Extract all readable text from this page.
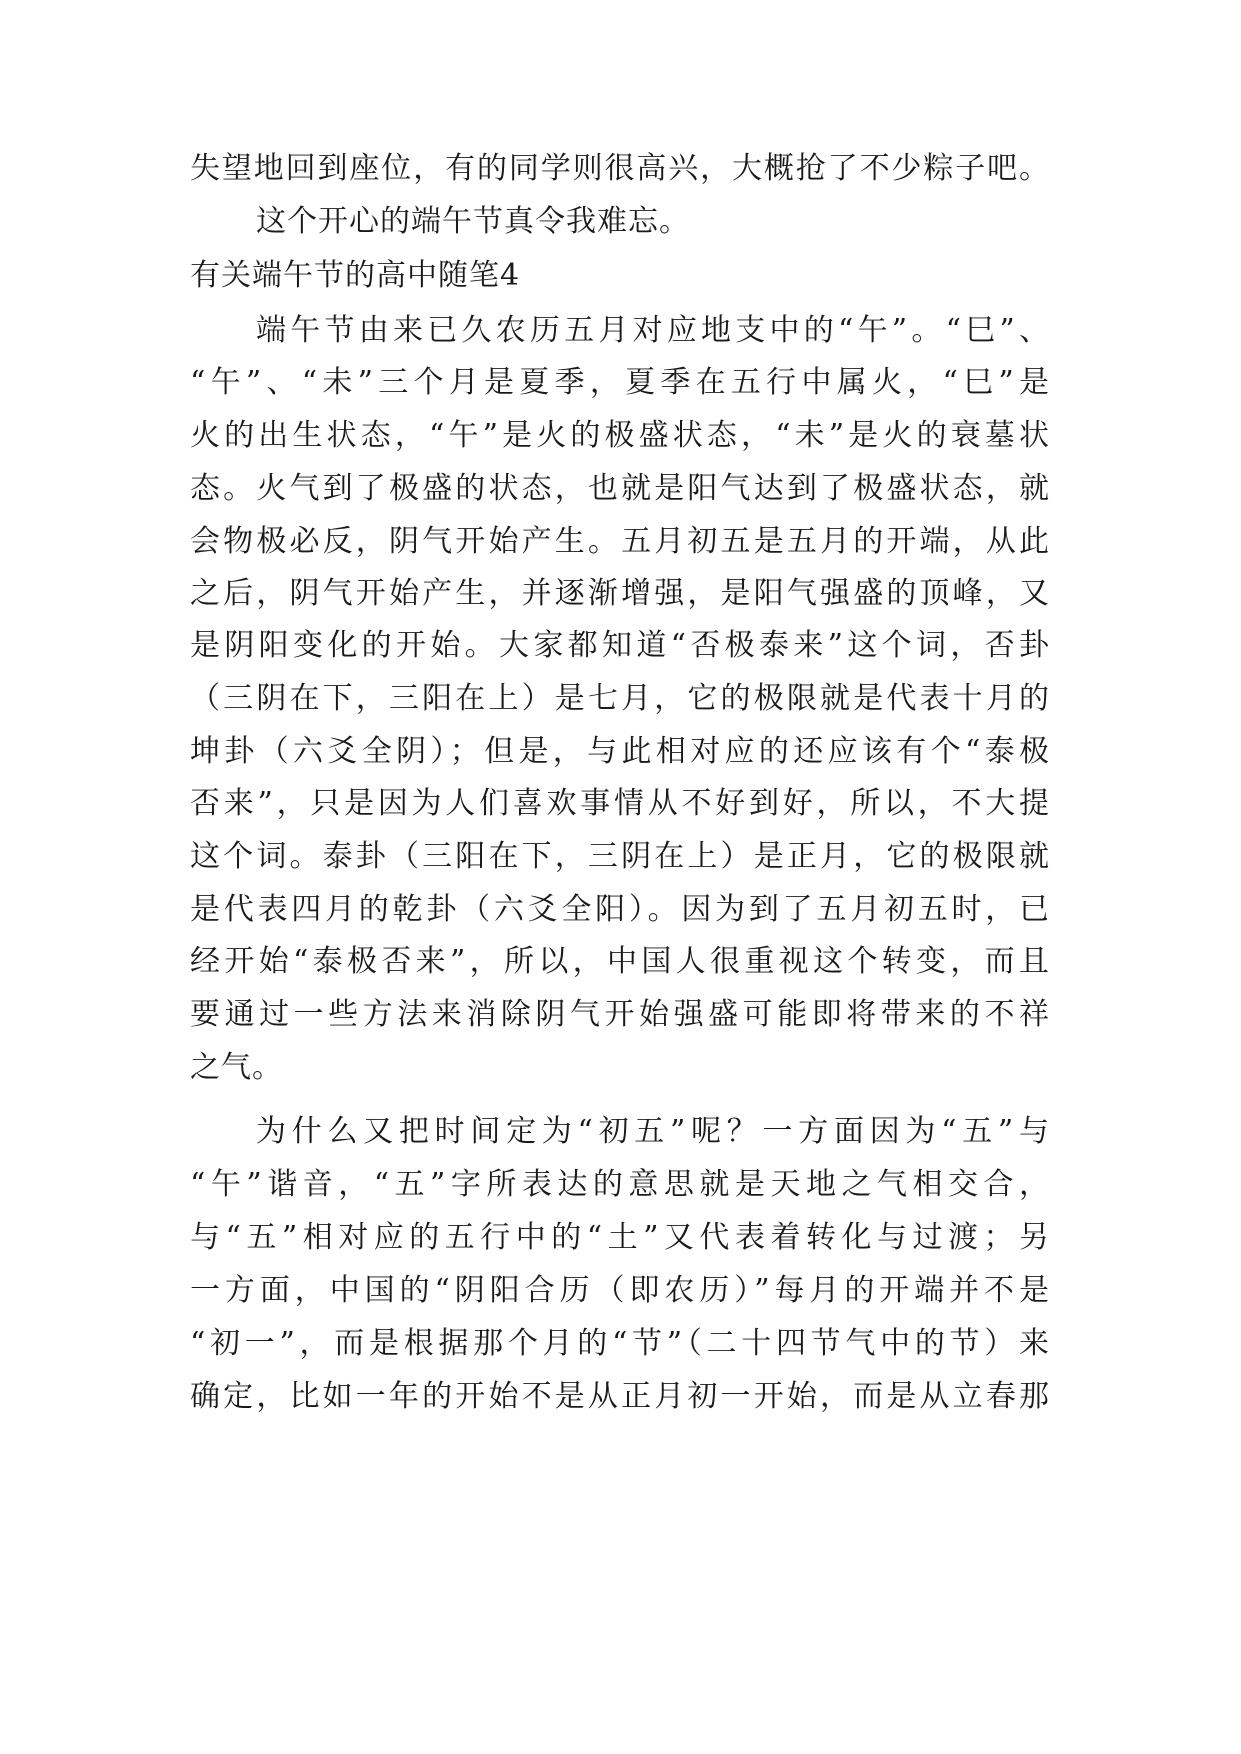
失望地回到座位，有的同学则很高兴，大概抢了不少粽子吧。
这个开心的端午节真令我难忘。
有关端午节的高中随笔4
端午节由来已久农历五月对应地支中的“午”。“巳”、
“午”、“未”三个月是夏季，夏季在五行中属火，“巳”是
火的出生状态，“午”是火的极盛状态，“未”是火的衰墓状
态。火气到了极盛的状态，也就是阳气达到了极盛状态，就
会物极必反，阴气开始产生。五月初五是五月的开端，从此
之后，阴气开始产生，并逐渐增强，是阳气强盛的顶峰，又
是阴阳变化的开始。大家都知道“否极泰来”这个词，否卦
（三阴在下，三阳在上）是七月，它的极限就是代表十月的
坤卦（六爻全阴）；但是，与此相对应的还应该有个“泰极
否来”，只是因为人们喜欢事情从不好到好，所以，不大提
这个词。泰卦（三阳在下，三阴在上）是正月，它的极限就
是代表四月的乾卦（六爻全阳）。因为到了五月初五时，已
经开始“泰极否来”，所以，中国人很重视这个转变，而且
要通过一些方法来消除阴气开始强盛可能即将带来的不祥
之气。
为什么又把时间定为“初五”呢？一方面因为“五”与
“午”谐音，“五”字所表达的意思就是天地之气相交合，
与“五”相对应的五行中的“土”又代表着转化与过渡；另
一方面，中国的“阴阳合历（即农历）”每月的开端并不是
“初一”，而是根据那个月的“节”（二十四节气中的节）来
确定，比如一年的开始不是从正月初一开始，而是从立春那
